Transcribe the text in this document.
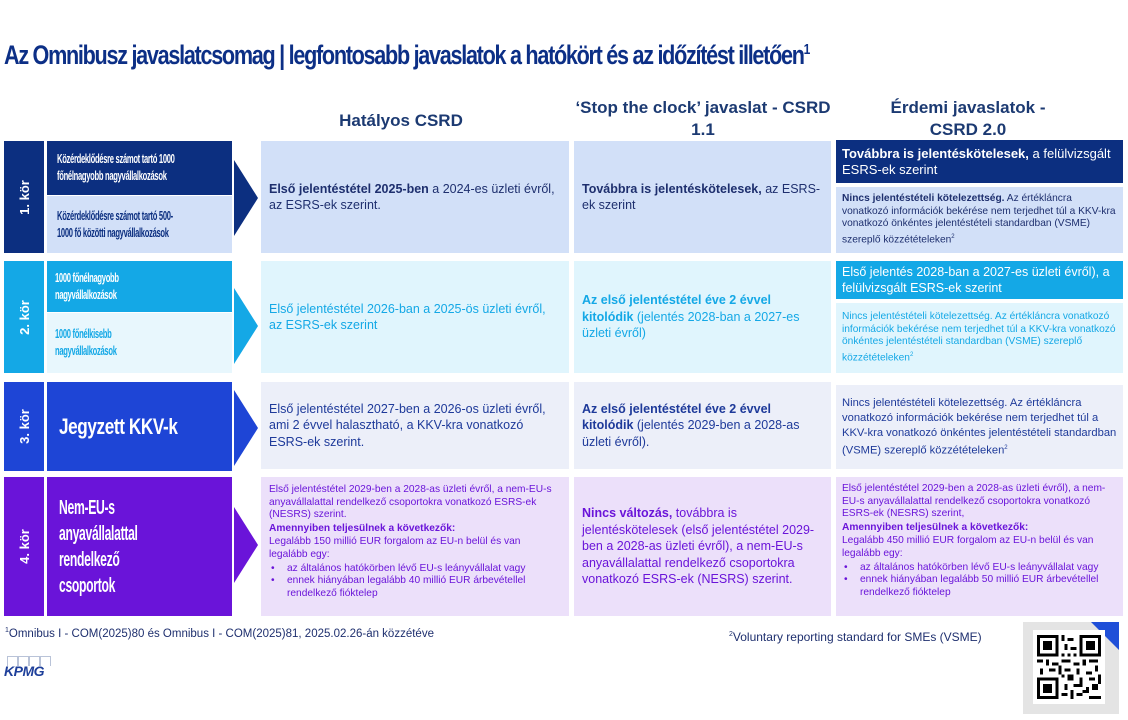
Az Omnibusz javaslatcsomag | legfontosabb javaslatok a hatókört és az időzítést illetően$^1$
Hatályos CSRD
‘Stop the clock’ javaslat - CSRD 1.1
Érdemi javaslatok - CSRD 2.0
1. kör
Közérdeklődésre számot tartó 1000
főnélnagyobb nagyvállalkozások
Közérdeklődésre számot tartó 500-
1000 fő közötti nagyvállalkozások
Első jelentéstétel 2025-ben a 2024-es üzleti évről, az ESRS-ek szerint.
Továbbra is jelentéskötelesek, az ESRS-ek szerint
Továbbra is jelentéskötelesek, a felülvizsgált ESRS-ek szerint
Nincs jelentéstételi kötelezettség. Az értékláncra vonatkozó információk bekérése nem terjedhet túl a KKV-kra vonatkozó önkéntes jelentéstételi standardban (VSME) szereplő közzétételeken$^2$
2. kör
1000 főnélnagyobb
nagyvállalkozások
1000 főnélkisebb
nagyvállalkozások
Első jelentéstétel 2026-ban a 2025-ös üzleti évről, az ESRS-ek szerint
Az első jelentéstétel éve 2 évvel kitolódik (jelentés 2028-ban a 2027-es üzleti évről)
Első jelentés 2028-ban a 2027-es üzleti évről), a felülvizsgált ESRS-ek szerint
Nincs jelentéstételi kötelezettség. Az értékláncra vonatkozó információk bekérése nem terjedhet túl a KKV-kra vonatkozó önkéntes jelentéstételi standardban (VSME) szereplő közzétételeken$^2$
3. kör Jegyzett KKV-k
Első jelentéstétel 2027-ben a 2026-os üzleti évről, ami 2 évvel halasztható, a KKV-kra vonatkozó ESRS-ek szerint.
Az első jelentéstétel éve 2 évvel kitolódik (jelentés 2029-ben a 2028-as üzleti évről).
Nincs jelentéstételi kötelezettség. Az értékláncra vonatkozó információk bekérése nem terjedhet túl a KKV-kra vonatkozó önkéntes jelentéstételi standardban (VSME) szereplő közzétételeken$^2$
4. kör
Nem-EU-s
anyavállalattal
rendelkező
csoportok
Első jelentéstétel 2029-ben a 2028-as üzleti évről, a nem-EU-s anyavállalattal rendelkező csoportokra vonatkozó ESRS-ek (NESRS) szerint.
Amennyiben teljesülnek a következők:
Legalább 150 millió EUR forgalom az EU-n belül és van legalább egy:
• az általános hatókörben lévő EU-s leányvállalat vagy
• ennek hiányában legalább 40 millió EUR árbevétellel rendelkező fióktelep
Nincs változás, továbbra is jelentéskötelesek (első jelentéstétel 2029-ben a 2028-as üzleti évről), a nem-EU-s anyavállalattal rendelkező csoportokra vonatkozó ESRS-ek (NESRS) szerint.
Első jelentéstétel 2029-ben a 2028-as üzleti évről), a nem-EU-s anyavállalattal rendelkező csoportokra vonatkozó ESRS-ek (NESRS) szerint,
Amennyiben teljesülnek a következők:
Legalább 450 millió EUR forgalom az EU-n belül és van legalább egy:
• az általános hatókörben lévő EU-s leányvállalat vagy
• ennek hiányában legalább 50 millió EUR árbevétellel rendelkező fióktelep
$^1$Omnibus I - COM(2025)80 és Omnibus I - COM(2025)81, 2025.02.26-án közzétéve	$^2$Voluntary reporting standard for SMEs (VSME)
KPMG
